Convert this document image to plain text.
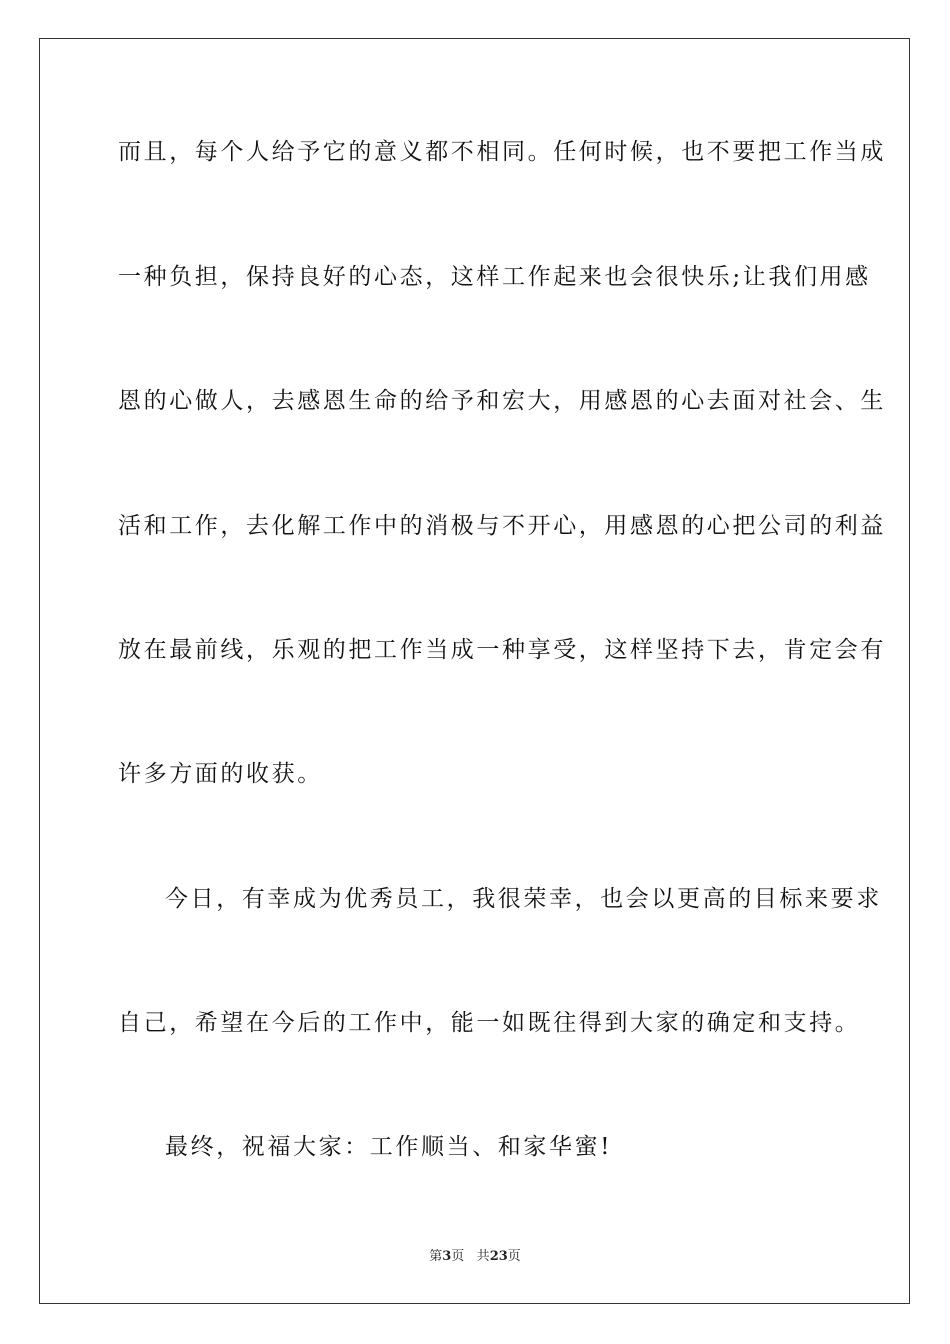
而且，每个人给予它的意义都不相同。任何时候，也不要把工作当成
一种负担，保持良好的心态，这样工作起来也会很快乐;让我们用感
恩的心做人，去感恩生命的给予和宏大，用感恩的心去面对社会、生
活和工作，去化解工作中的消极与不开心，用感恩的心把公司的利益
放在最前线，乐观的把工作当成一种享受，这样坚持下去，肯定会有
许多方面的收获。
今日，有幸成为优秀员工，我很荣幸，也会以更高的目标来要求
自己，希望在今后的工作中，能一如既往得到大家的确定和支持。
最终，祝福大家：工作顺当、和家华蜜!
第3页 共23页
